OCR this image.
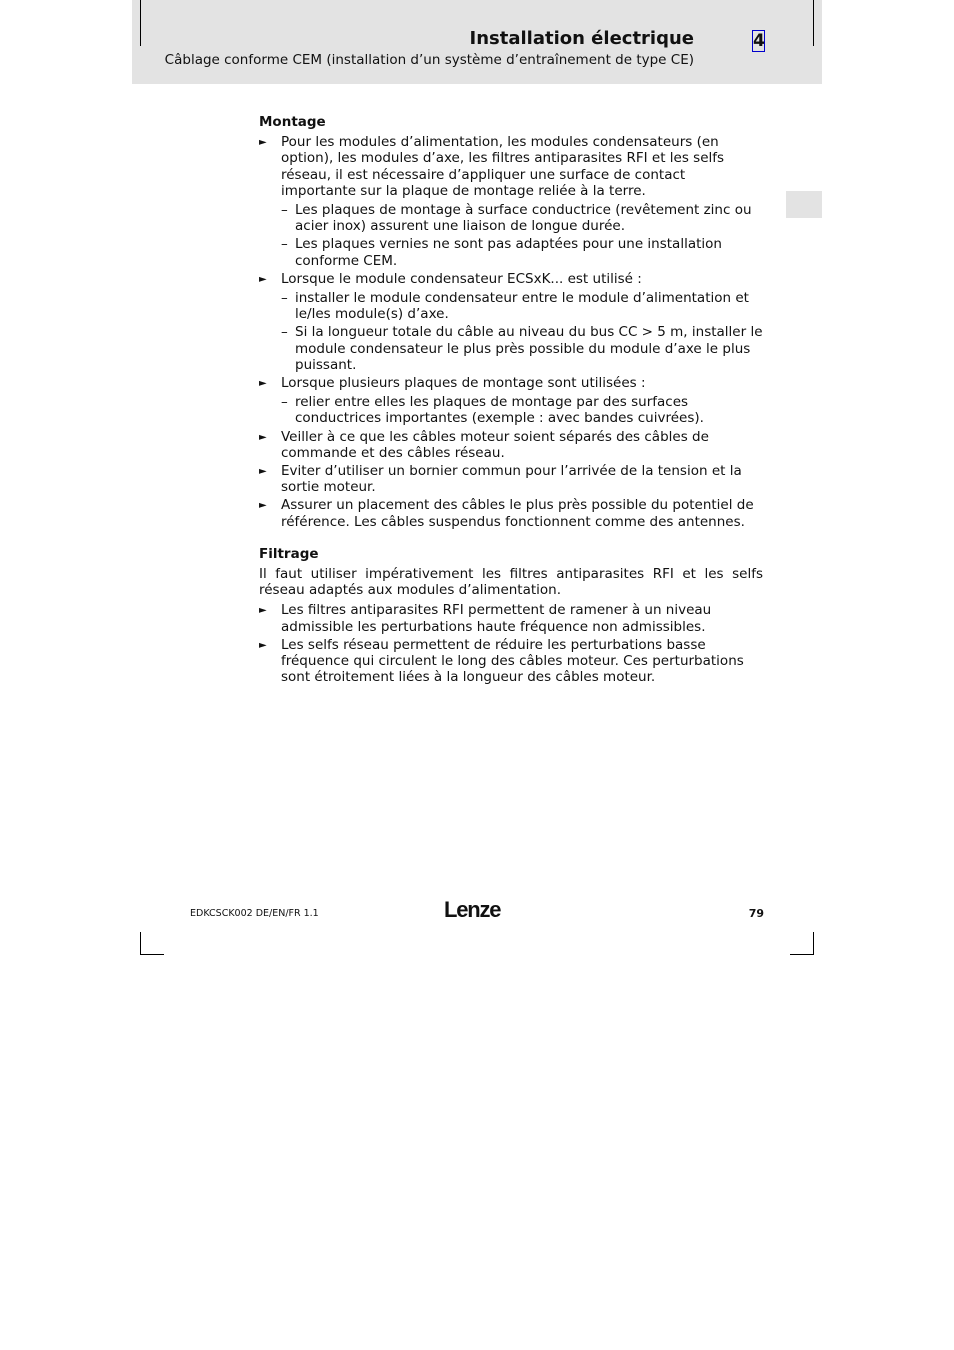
Installation électrique
Câblage conforme CEM (installation d’un système d’entraînement de type CE)
4
Montage
► Pour les modules d’alimentation, les modules condensateurs (en option), les modules d’axe, les filtres antiparasites RFI et les selfs réseau, il est nécessaire d’appliquer une surface de contact importante sur la plaque de montage reliée à la terre.
– Les plaques de montage à surface conductrice (revêtement zinc ou acier inox) assurent une liaison de longue durée.
– Les plaques vernies ne sont pas adaptées pour une installation conforme CEM.
► Lorsque le module condensateur ECSxK... est utilisé :
– installer le module condensateur entre le module d’alimentation et le/les module(s) d’axe.
– Si la longueur totale du câble au niveau du bus CC > 5 m, installer le module condensateur le plus près possible du module d’axe le plus puissant.
► Lorsque plusieurs plaques de montage sont utilisées :
– relier entre elles les plaques de montage par des surfaces conductrices importantes (exemple : avec bandes cuivrées).
► Veiller à ce que les câbles moteur soient séparés des câbles de commande et des câbles réseau.
► Eviter d’utiliser un bornier commun pour l’arrivée de la tension et la sortie moteur.
► Assurer un placement des câbles le plus près possible du potentiel de référence. Les câbles suspendus fonctionnent comme des antennes.
Filtrage

Il faut utiliser impérativement les filtres antiparasites RFI et les selfs réseau adaptés aux modules d’alimentation.

► Les filtres antiparasites RFI permettent de ramener à un niveau admissible les perturbations haute fréquence non admissibles.
► Les selfs réseau permettent de réduire les perturbations basse fréquence qui circulent le long des câbles moteur. Ces perturbations sont étroitement liées à la longueur des câbles moteur.
EDKCSCK002 DE/EN/FR 1.1	Lenze	79
